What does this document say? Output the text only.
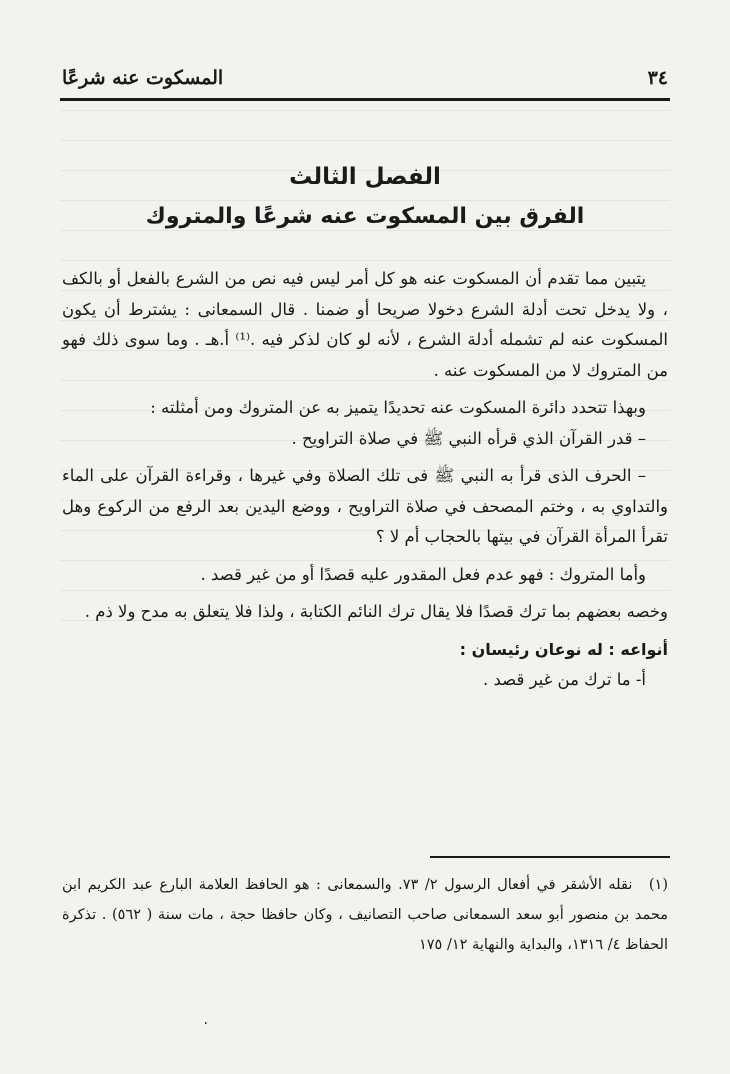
٣٤
المسكوت عنه شرعًا
الفصل الثالث
الفرق بين المسكوت عنه شرعًا والمتروك

يتبين مما تقدم أن المسكوت عنه هو كل أمر ليس فيه نص من الشرع بالفعل أو بالكف ، ولا يدخل تحت أدلة الشرع دخولا صريحا أو ضمنا . قال السمعانى : يشترط أن يكون المسكوت عنه لم تشمله أدلة الشرع ، لأنه لو كان لذكر فيه .⁽¹⁾ أ.هـ . وما سوى ذلك فهو من المتروك لا من المسكوت عنه .

وبهذا تتحدد دائرة المسكوت عنه تحديدًا يتميز به عن المتروك ومن أمثلته :

– قدر القرآن الذي قرأه النبي ﷺ في صلاة التراويح .

– الحرف الذى قرأ به النبي ﷺ فى تلك الصلاة وفي غيرها ، وقراءة القرآن على الماء والتداوي به ، وختم المصحف في صلاة التراويح ، ووضع اليدين بعد الرفع من الركوع وهل تقرأ المرأة القرآن في بيتها بالحجاب أم لا ؟

وأما المتروك : فهو عدم فعل المقدور عليه قصدًا أو من غير قصد .

وخصه بعضهم بما ترك قصدًا فلا يقال ترك النائم الكتابة ، ولذا فلا يتعلق به مدح ولا ذم .

أنواعه : له نوعان رئيسان :

أ- ما ترك من غير قصد .

(١) نقله الأشقر في أفعال الرسول ٢/ ٧٣. والسمعانى : هو الحافظ العلامة البارع عبد الكريم ابن محمد بن منصور أبو سعد السمعانى صاحب التصانيف ، وكان حافظا حجة ، مات سنة ( ٥٦٢) . تذكرة الحفاظ ٤/ ١٣١٦، والبداية والنهاية ١٢/ ١٧٥
٠
